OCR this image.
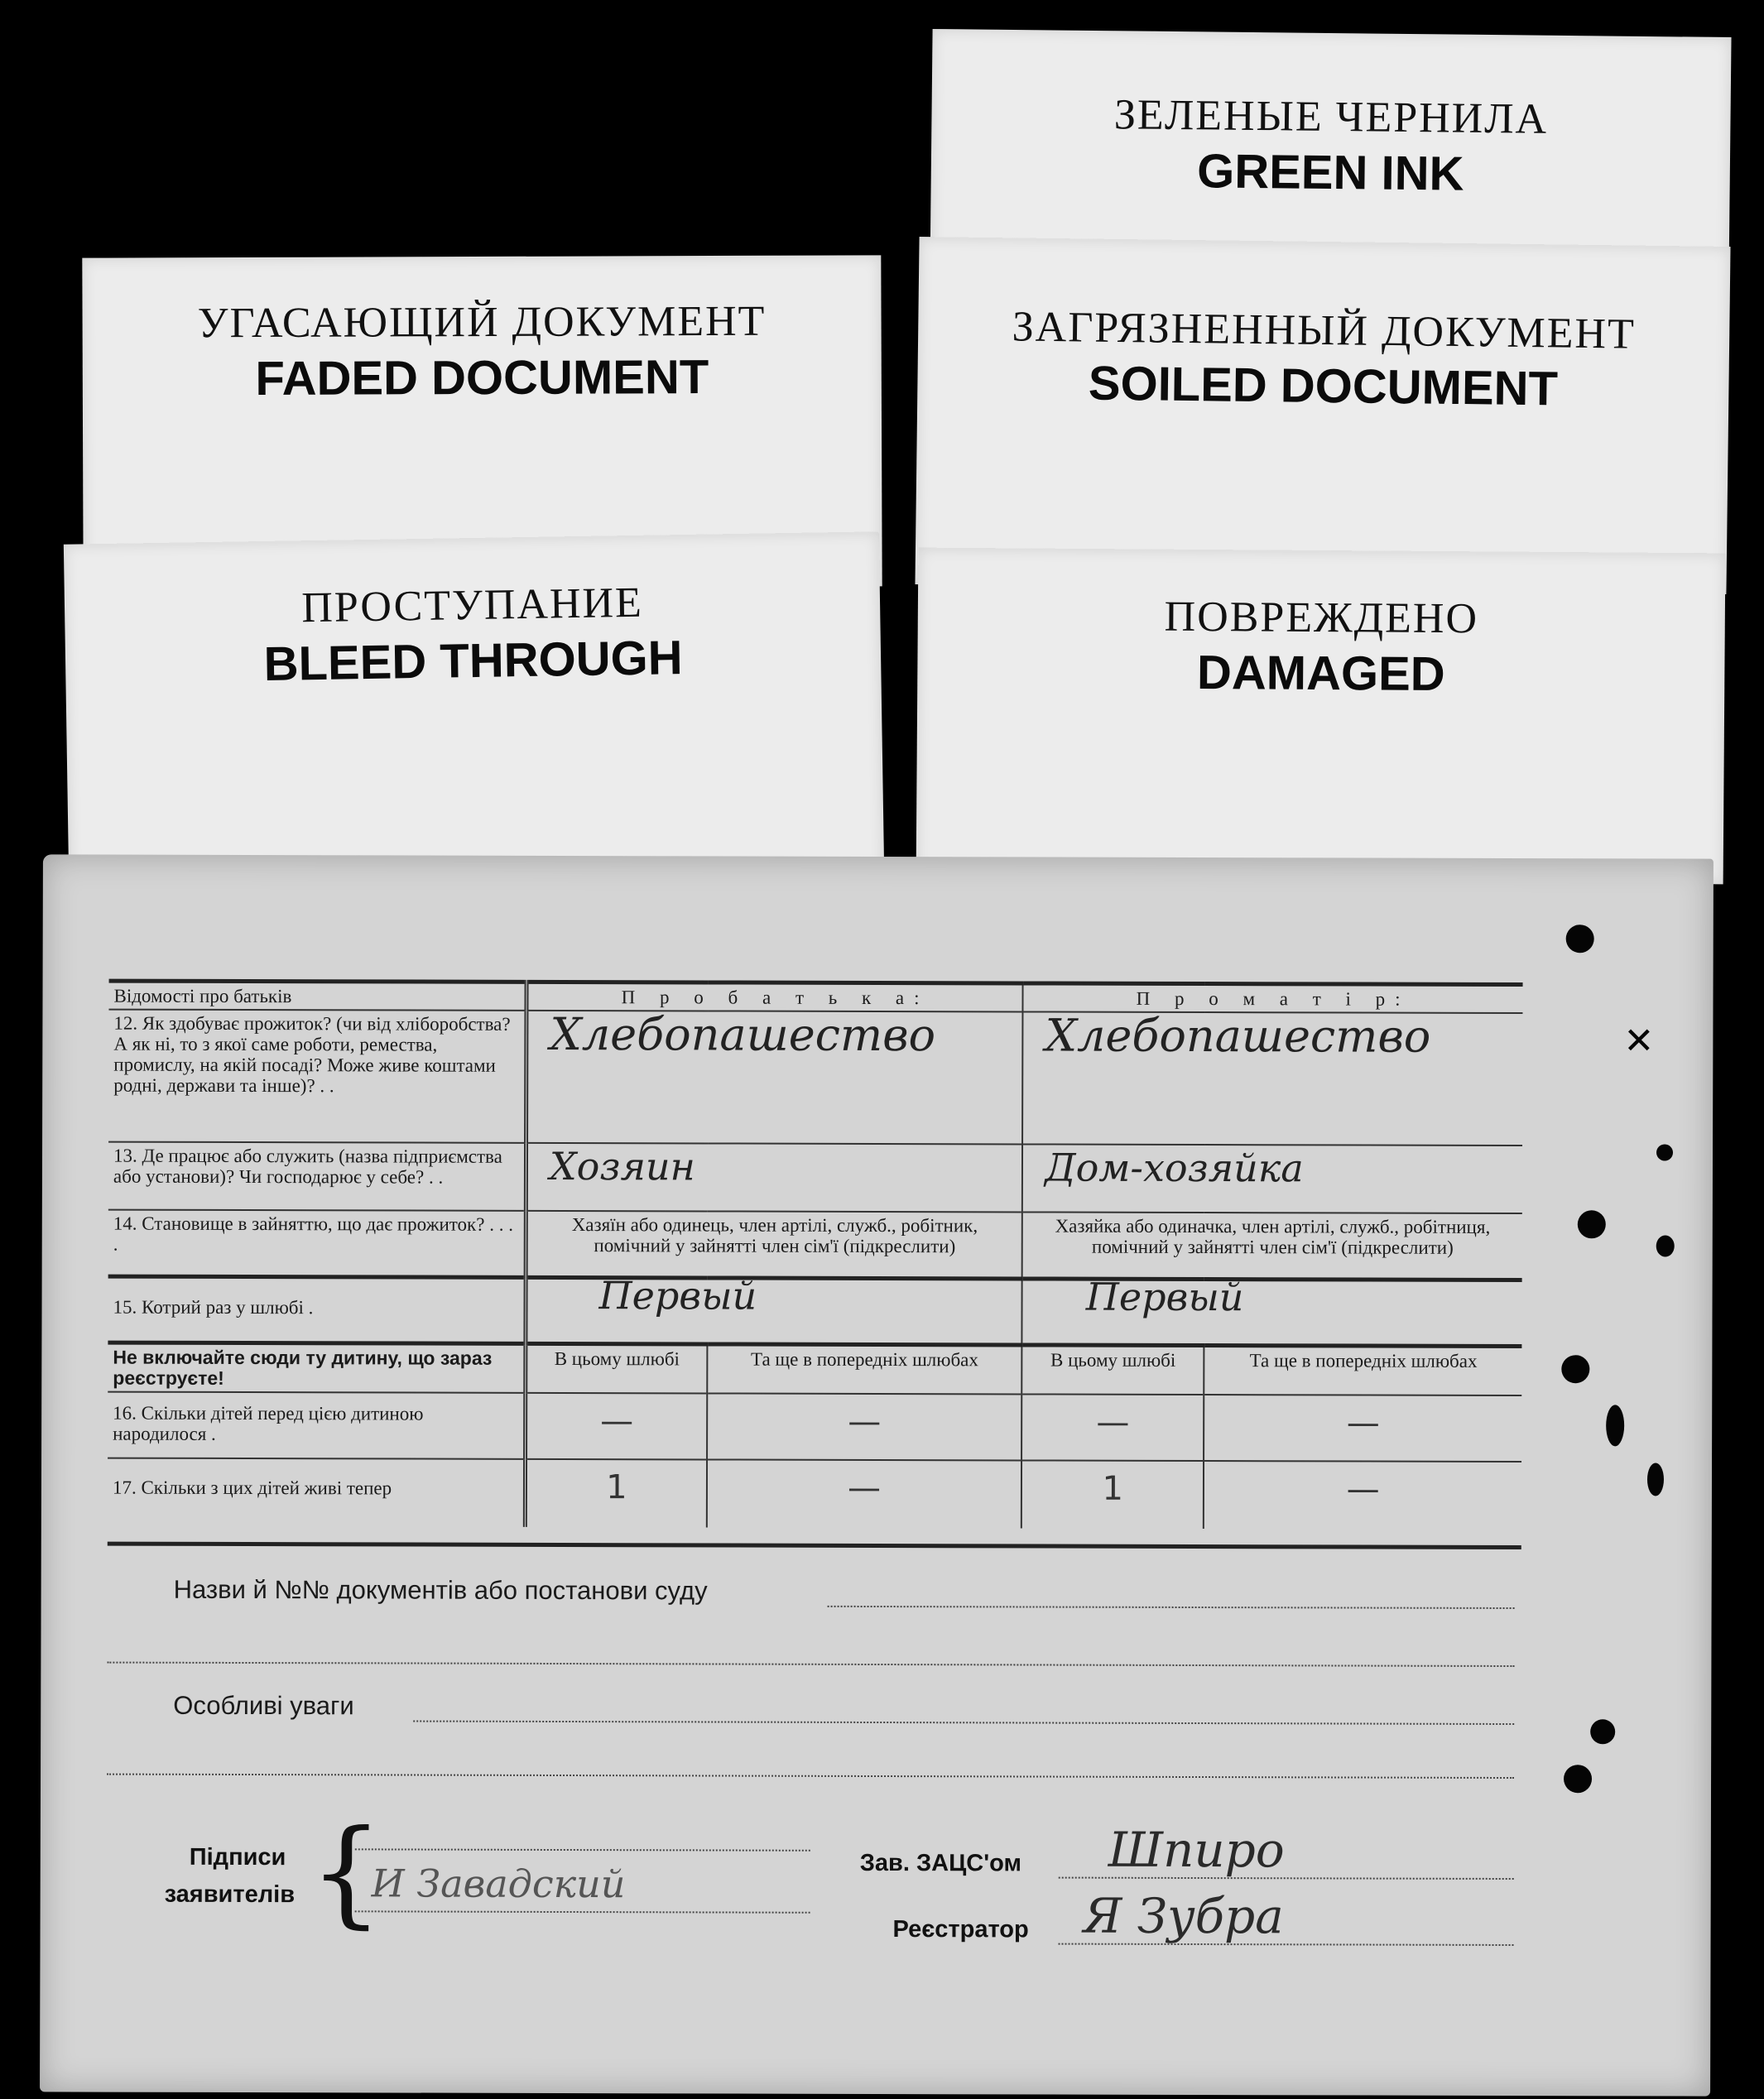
ЗЕЛЕНЫЕ ЧЕРНИЛА
GREEN INK
УГАСАЮЩИЙ ДОКУМЕНТ
FADED DOCUMENT
ЗАГРЯЗНЕННЫЙ ДОКУМЕНТ
SOILED DOCUMENT
ПРОСТУПАНИЕ
BLEED THROUGH
ПОВРЕЖДЕНО
DAMAGED
✕
Відомості про батьків	П р о б а т ь к а:		П р о м а т і р:	
12. Як здобуває прожиток? (чи від хліборобства? А як ні, то з якої саме роботи, ремества, промислу, на якій посаді? Може живе коштами родні, держави та інше)? . .	Хлебопашество		Хлебопашество	

13. Де працює або служить (назва підприємства або установи)? Чи господарює у себе? . .	Хозяин		Дом-хозяйка	

14. Становище в зайняттю, що дає прожиток? . . . .	Хазяїн або одинець, член артілі, служб., робітник, помічний у зайнятті член сім'ї (підкреслити)		Хазяйка або одиначка, член артілі, служб., робітниця, помічний у зайнятті член сім'ї (підкреслити)	
15. Котрий раз у шлюбі .	Первый		Первый	

Не включайте сюди ту дитину, що зараз реєструєте!	В цьому шлюбі	Та ще в попередніх шлюбах	В цьому шлюбі	Та ще в попередніх шлюбах
16. Скільки дітей перед цією дитиною народилося .	—	—	—	—

17. Скільки з цих дітей живі тепер	1	—	1	—
Назви й №№ документів або постанови суду
Особливі уваги
Підписи
заявителів {
И Завадский	Зав. ЗАЦС'ом Шпиро
Реєстратор Я Зубра
